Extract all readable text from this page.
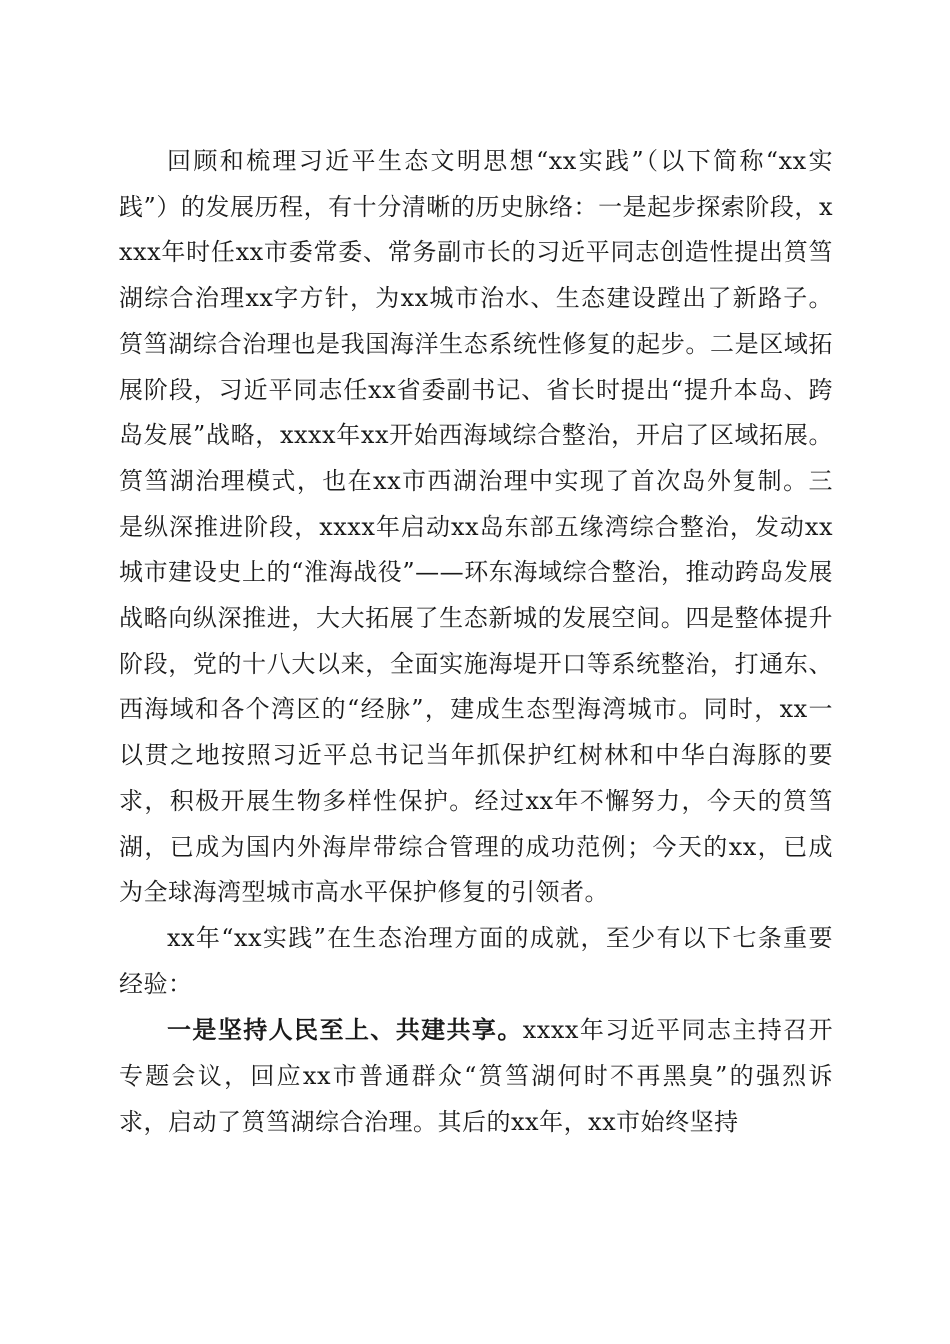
回顾和梳理习近平生态文明思想“xx实践”（以下简称“xx实践”）的发展历程，有十分清晰的历史脉络：一是起步探索阶段，xxxx年时任xx市委常委、常务副市长的习近平同志创造性提出筼筜湖综合治理xx字方针，为xx城市治水、生态建设蹚出了新路子。筼筜湖综合治理也是我国海洋生态系统性修复的起步。二是区域拓展阶段，习近平同志任xx省委副书记、省长时提出“提升本岛、跨岛发展”战略，xxxx年xx开始西海域综合整治，开启了区域拓展。筼筜湖治理模式，也在xx市西湖治理中实现了首次岛外复制。三是纵深推进阶段，xxxx年启动xx岛东部五缘湾综合整治，发动xx城市建设史上的“淮海战役”——环东海域综合整治，推动跨岛发展战略向纵深推进，大大拓展了生态新城的发展空间。四是整体提升阶段，党的十八大以来，全面实施海堤开口等系统整治，打通东、西海域和各个湾区的“经脉”，建成生态型海湾城市。同时，xx一以贯之地按照习近平总书记当年抓保护红树林和中华白海豚的要求，积极开展生物多样性保护。经过xx年不懈努力，今天的筼筜湖，已成为国内外海岸带综合管理的成功范例；今天的xx，已成为全球海湾型城市高水平保护修复的引领者。

xx年“xx实践”在生态治理方面的成就，至少有以下七条重要经验：

一是坚持人民至上、共建共享。xxxx年习近平同志主持召开专题会议，回应xx市普通群众“筼筜湖何时不再黑臭”的强烈诉求，启动了筼筜湖综合治理。其后的xx年，xx市始终坚持
